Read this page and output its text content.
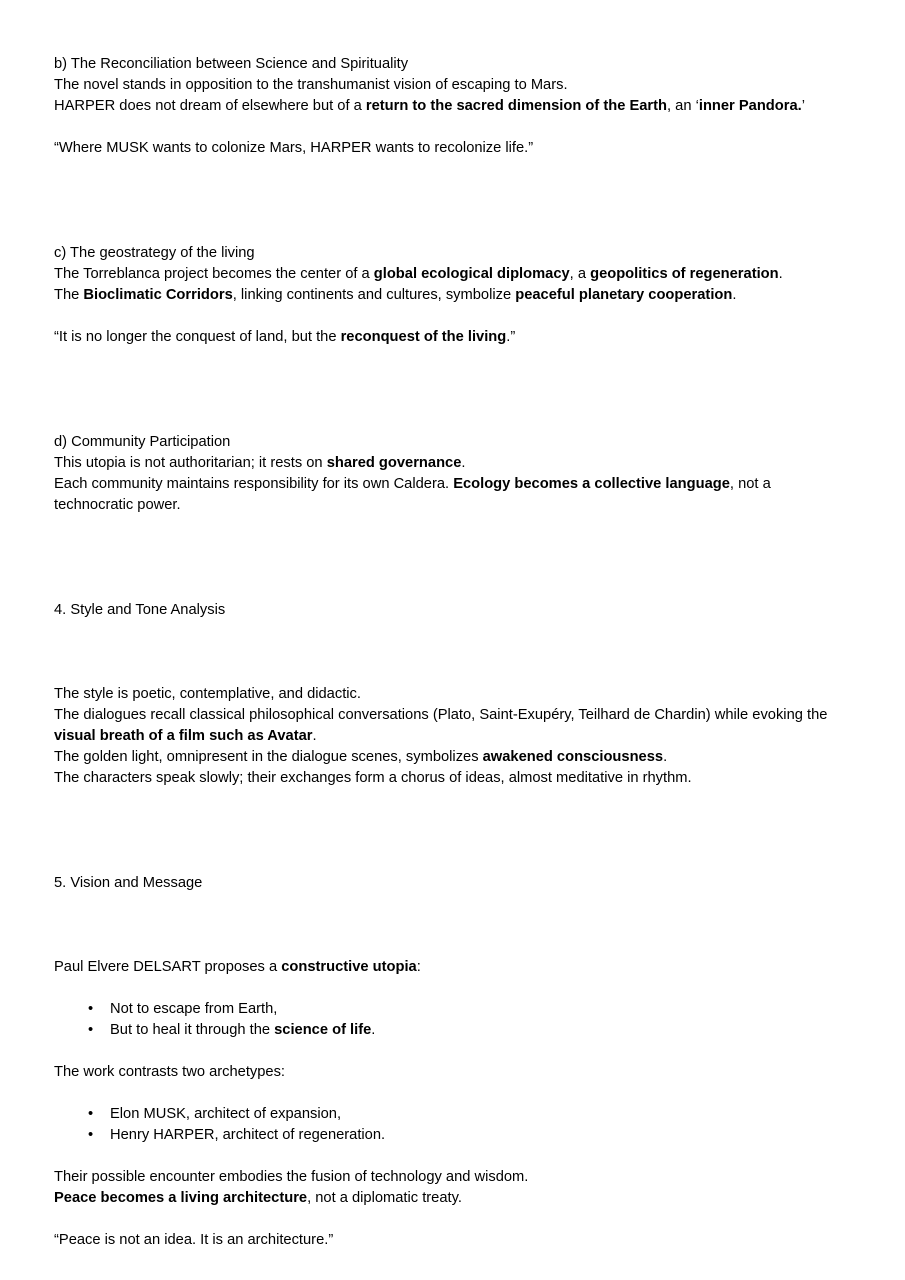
b) The Reconciliation between Science and Spirituality
The novel stands in opposition to the transhumanist vision of escaping to Mars.
HARPER does not dream of elsewhere but of a return to the sacred dimension of the Earth, an ‘inner Pandora.’
“Where MUSK wants to colonize Mars, HARPER wants to recolonize life.”
c) The geostrategy of the living
The Torreblanca project becomes the center of a global ecological diplomacy, a geopolitics of regeneration.
The Bioclimatic Corridors, linking continents and cultures, symbolize peaceful planetary cooperation.
“It is no longer the conquest of land, but the reconquest of the living.”
d) Community Participation
This utopia is not authoritarian; it rests on shared governance.
Each community maintains responsibility for its own Caldera. Ecology becomes a collective language, not a technocratic power.
4. Style and Tone Analysis
The style is poetic, contemplative, and didactic.
The dialogues recall classical philosophical conversations (Plato, Saint-Exupéry, Teilhard de Chardin) while evoking the visual breath of a film such as Avatar.
The golden light, omnipresent in the dialogue scenes, symbolizes awakened consciousness.
The characters speak slowly; their exchanges form a chorus of ideas, almost meditative in rhythm.
5. Vision and Message
Paul Elvere DELSART proposes a constructive utopia:
• Not to escape from Earth,
• But to heal it through the science of life.
The work contrasts two archetypes:
• Elon MUSK, architect of expansion,
• Henry HARPER, architect of regeneration.
Their possible encounter embodies the fusion of technology and wisdom.
Peace becomes a living architecture, not a diplomatic treaty.
“Peace is not an idea. It is an architecture.”
